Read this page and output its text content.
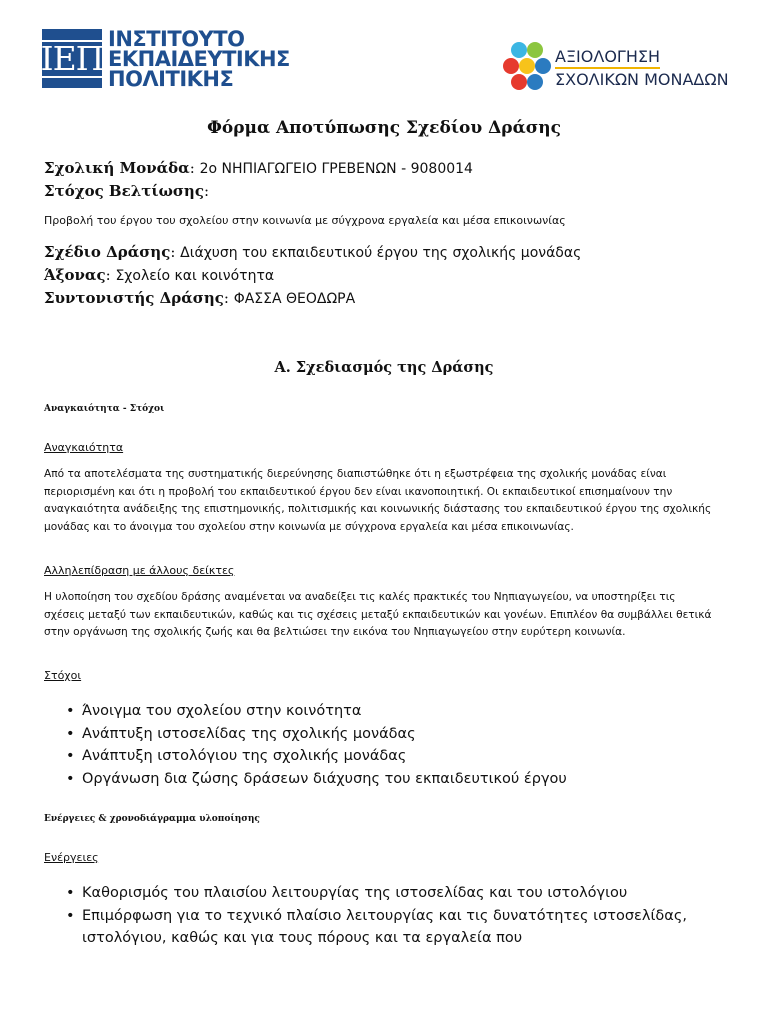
ΙΕΠ ΙΝΣΤΙΤΟΥΤΟ
ΕΚΠΑΙΔΕΥΤΙΚΗΣ
ΠΟΛΙΤΙΚΗΣ
ΑΞΙΟΛΟΓΗΣΗ
ΣΧΟΛΙΚΩΝ ΜΟΝΑΔΩΝ
Φόρμα Αποτύπωσης Σχεδίου Δράσης
Σχολική Μονάδα: 2ο ΝΗΠΙΑΓΩΓΕΙΟ ΓΡΕΒΕΝΩΝ - 9080014
Στόχος Βελτίωσης:
Προβολή του έργου του σχολείου στην κοινωνία με σύγχρονα εργαλεία και μέσα επικοινωνίας
Σχέδιο Δράσης: Διάχυση του εκπαιδευτικού έργου της σχολικής μονάδας
Άξονας: Σχολείο και κοινότητα
Συντονιστής Δράσης: ΦΑΣΣΑ ΘΕΟΔΩΡΑ
Α. Σχεδιασμός της Δράσης
Αναγκαιότητα - Στόχοι
Αναγκαιότητα
Από τα αποτελέσματα της συστηματικής διερεύνησης διαπιστώθηκε ότι η εξωστρέφεια της σχολικής μονάδας είναι περιορισμένη και ότι η προβολή του εκπαιδευτικού έργου δεν είναι ικανοποιητική. Οι εκπαιδευτικοί επισημαίνουν την αναγκαιότητα ανάδειξης της επιστημονικής, πολιτισμικής και κοινωνικής διάστασης του εκπαιδευτικού έργου της σχολικής μονάδας και το άνοιγμα του σχολείου στην κοινωνία με σύγχρονα εργαλεία και μέσα επικοινωνίας.
Αλληλεπίδραση με άλλους δείκτες
Η υλοποίηση του σχεδίου δράσης αναμένεται να αναδείξει τις καλές πρακτικές του Νηπιαγωγείου, να υποστηρίξει τις σχέσεις μεταξύ των εκπαιδευτικών, καθώς και τις σχέσεις μεταξύ εκπαιδευτικών και γονέων. Επιπλέον θα συμβάλλει θετικά στην οργάνωση της σχολικής ζωής και θα βελτιώσει την εικόνα του Νηπιαγωγείου στην ευρύτερη κοινωνία.
Στόχοι
• Άνοιγμα του σχολείου στην κοινότητα
• Ανάπτυξη ιστοσελίδας της σχολικής μονάδας
• Ανάπτυξη ιστολόγιου της σχολικής μονάδας
• Οργάνωση δια ζώσης δράσεων διάχυσης του εκπαιδευτικού έργου
Ενέργειες & χρονοδιάγραμμα υλοποίησης
Ενέργειες
• Καθορισμός του πλαισίου λειτουργίας της ιστοσελίδας και του ιστολόγιου
• Επιμόρφωση για το τεχνικό πλαίσιο λειτουργίας και τις δυνατότητες ιστοσελίδας, ιστολόγιου, καθώς και για τους πόρους και τα εργαλεία που
